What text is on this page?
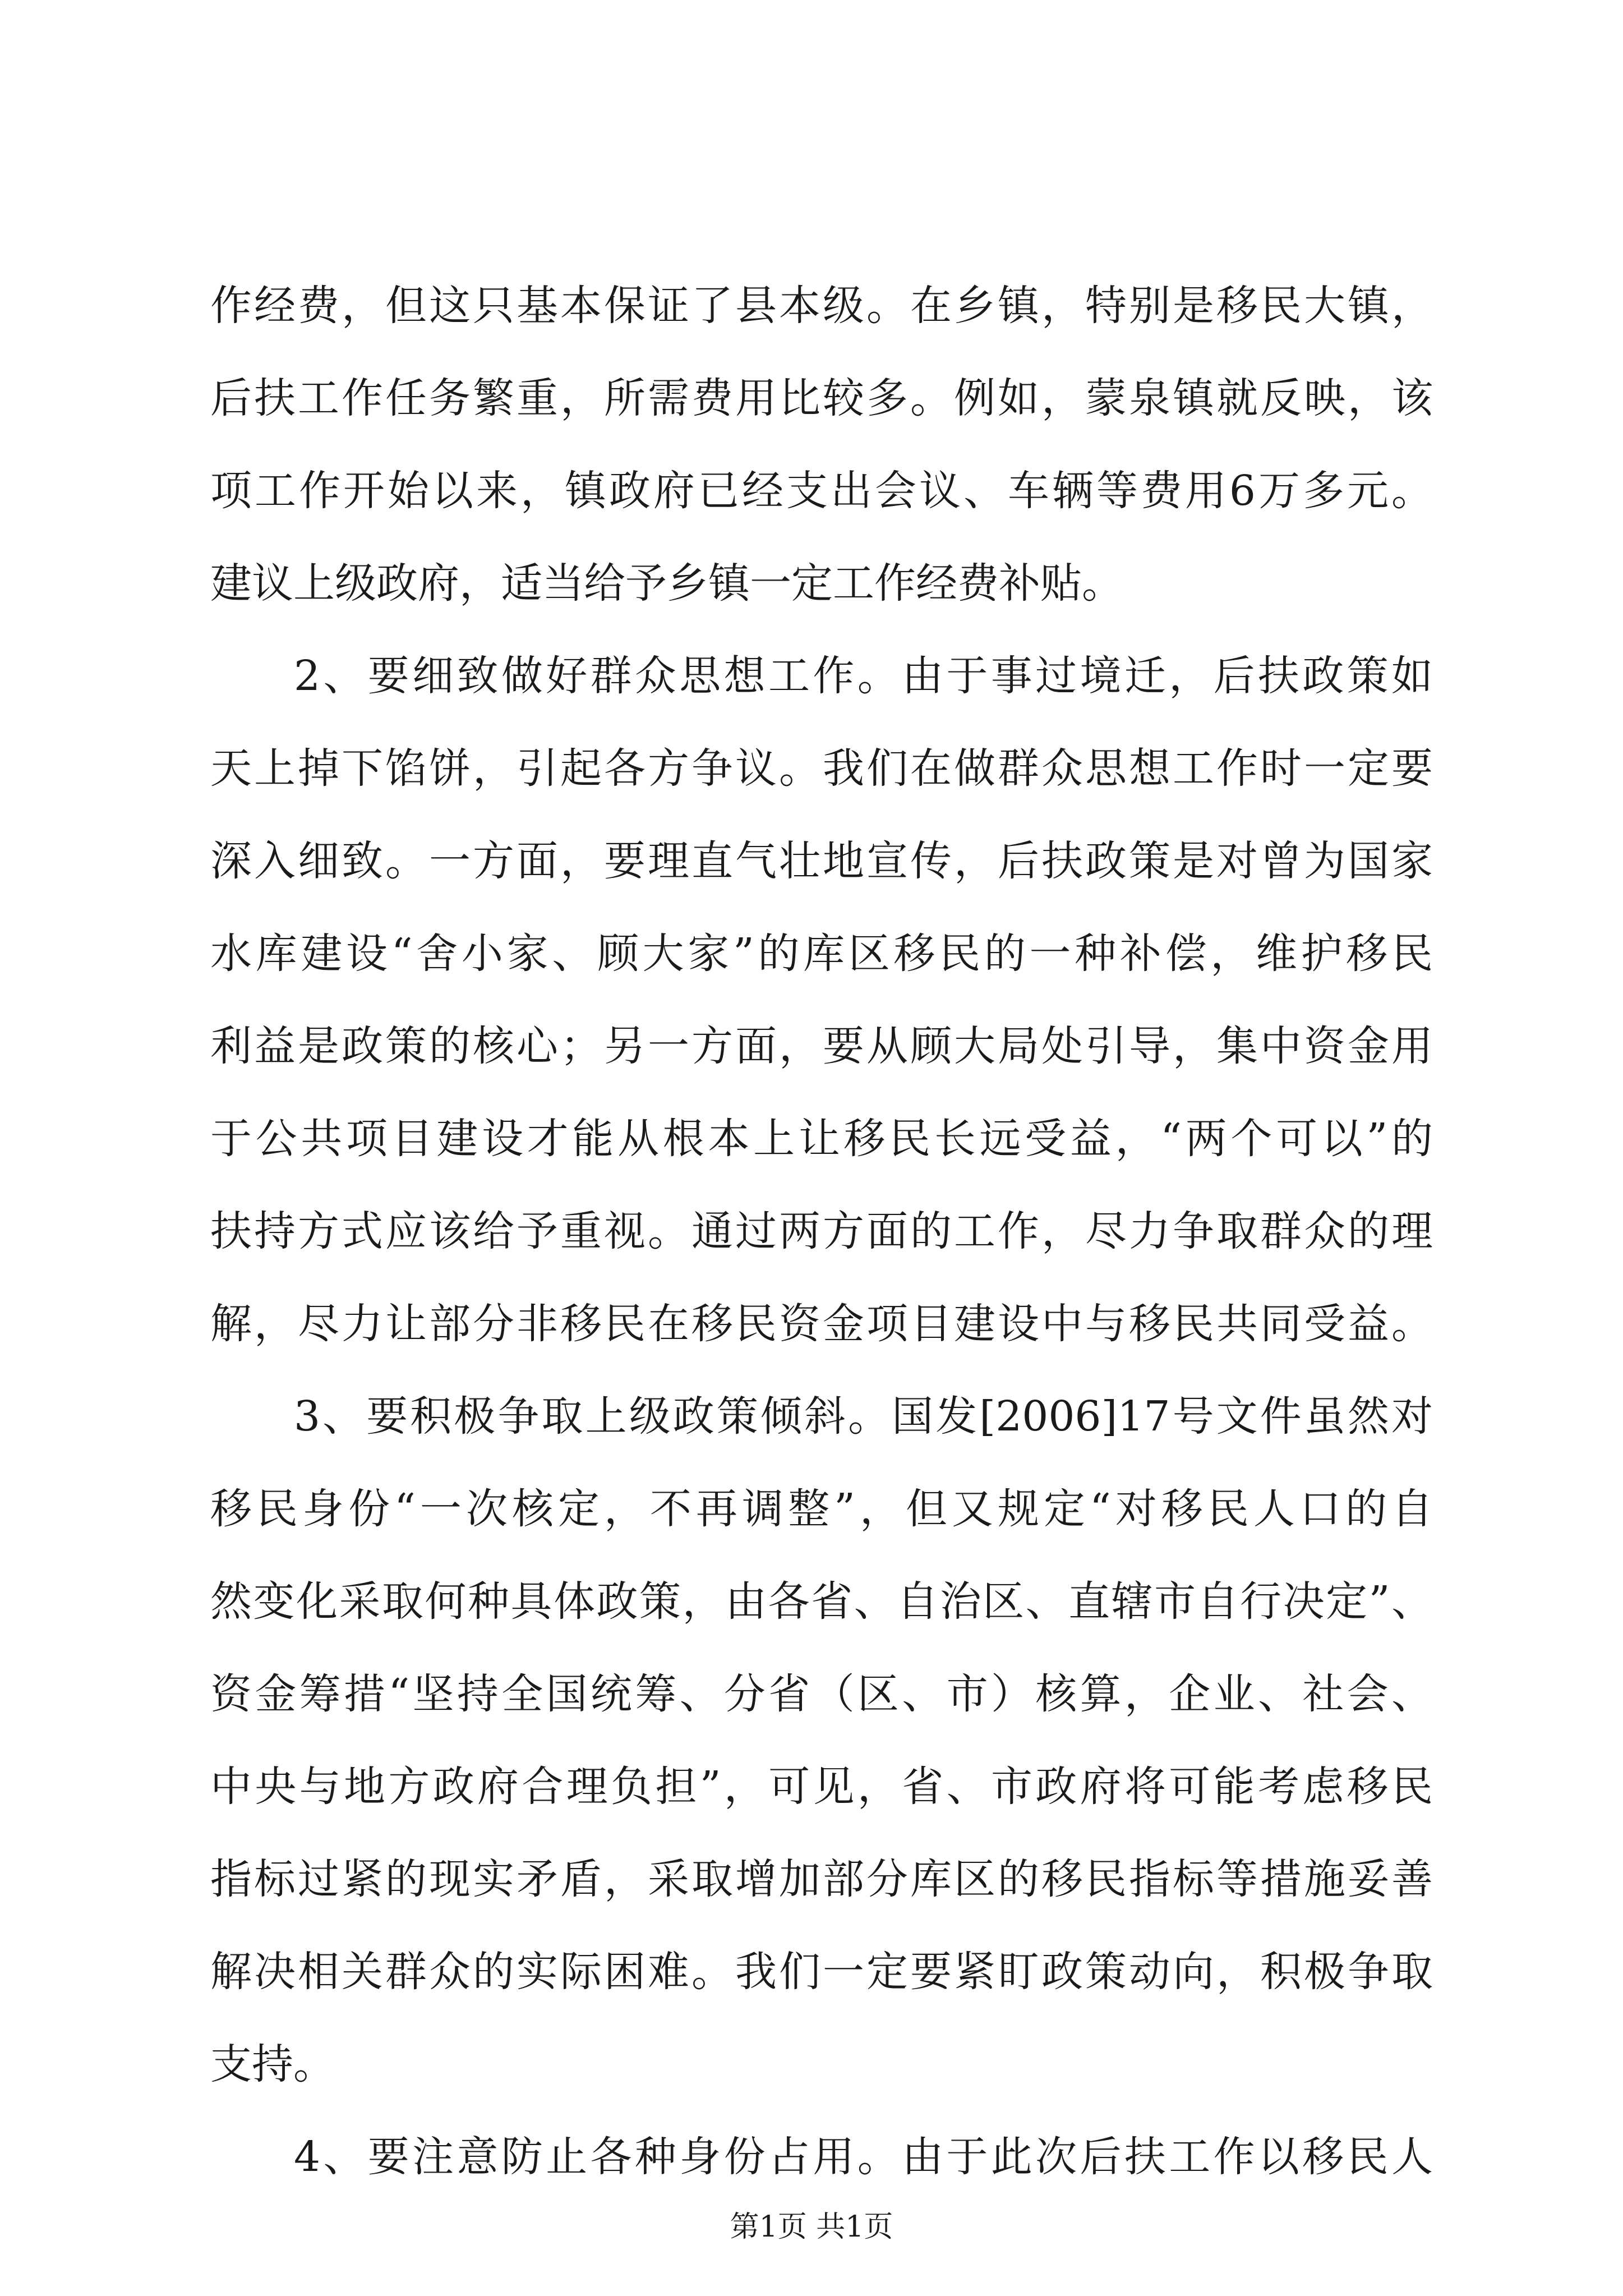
作经费，但这只基本保证了县本级。在乡镇，特别是移民大镇，

后扶工作任务繁重，所需费用比较多。例如，蒙泉镇就反映，该

项工作开始以来，镇政府已经支出会议、车辆等费用6万多元。

建议上级政府，适当给予乡镇一定工作经费补贴。

2、要细致做好群众思想工作。由于事过境迁，后扶政策如

天上掉下馅饼，引起各方争议。我们在做群众思想工作时一定要

深入细致。一方面，要理直气壮地宣传，后扶政策是对曾为国家

水库建设“舍小家、顾大家”的库区移民的一种补偿，维护移民

利益是政策的核心；另一方面，要从顾大局处引导，集中资金用

于公共项目建设才能从根本上让移民长远受益，“两个可以”的

扶持方式应该给予重视。通过两方面的工作，尽力争取群众的理

解，尽力让部分非移民在移民资金项目建设中与移民共同受益。

3、要积极争取上级政策倾斜。国发[2006]17号文件虽然对

移民身份“一次核定，不再调整”，但又规定“对移民人口的自

然变化采取何种具体政策，由各省、自治区、直辖市自行决定”、

资金筹措“坚持全国统筹、分省（区、市）核算，企业、社会、

中央与地方政府合理负担”，可见，省、市政府将可能考虑移民

指标过紧的现实矛盾，采取增加部分库区的移民指标等措施妥善

解决相关群众的实际困难。我们一定要紧盯政策动向，积极争取

支持。

4、要注意防止各种身份占用。由于此次后扶工作以移民人

第1页 共1页
